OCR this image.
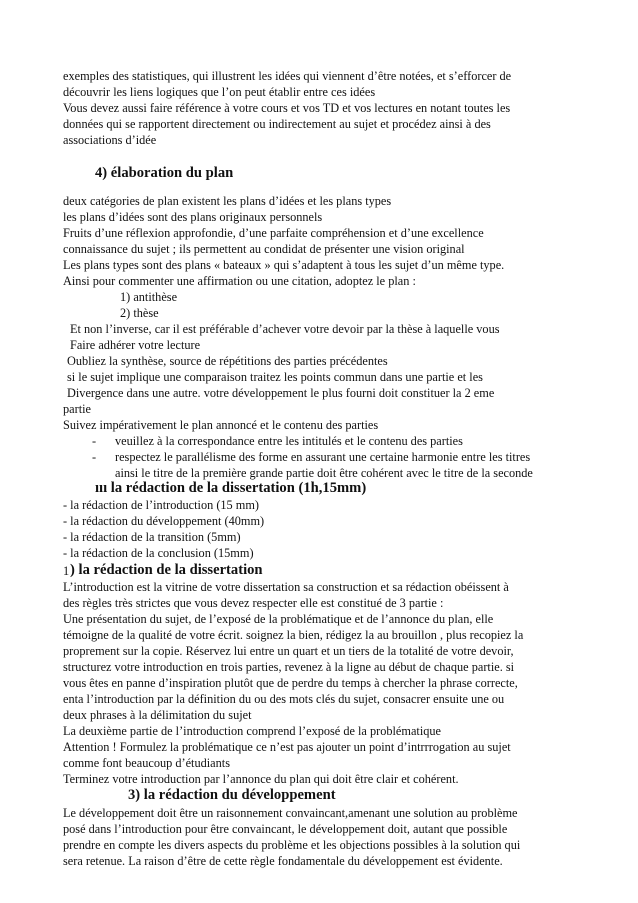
exemples des statistiques, qui illustrent les idées qui viennent d’être notées, et s’efforcer de

découvrir les liens logiques que l’on peut établir entre ces idées

Vous devez aussi faire référence à votre cours et vos TD et vos lectures en notant toutes les

données qui se rapportent directement ou indirectement au sujet et procédez ainsi à des

associations d’idée

4) élaboration du plan

deux catégories de plan existent les plans d’idées et les plans types

les plans d’idées sont des plans originaux personnels

Fruits d’une réflexion approfondie, d’une parfaite compréhension et d’une excellence

connaissance du sujet ; ils permettent au condidat de présenter une vision original

Les plans types sont des plans « bateaux » qui s’adaptent à tous les sujet d’un même type.

Ainsi pour commenter une affirmation ou une citation, adoptez le plan :

1) antithèse

2) thèse

Et non l’inverse, car il est préférable d’achever votre devoir par la thèse à laquelle vous

Faire adhérer votre lecture

Oubliez la synthèse, source de répétitions des parties précédentes

si le sujet implique une comparaison traitez les points commun dans une partie et les

Divergence dans une autre. votre développement le plus fourni doit constituer la 2 eme

partie

Suivez impérativement le plan annoncé et le contenu des parties

-	veuillez à la correspondance entre les intitulés et le contenu des parties

-	respectez le parallélisme des forme en assurant une certaine harmonie entre les titres

ainsi le titre de la première grande partie doit être cohérent avec le titre de la seconde

ııı la rédaction de la dissertation (1h,15mm)

- la rédaction de l’introduction (15 mm)

- la rédaction du développement (40mm)

- la rédaction de la transition (5mm)

- la rédaction de la conclusion (15mm)

1 ) la rédaction de la dissertation

L’introduction est la vitrine de votre dissertation sa construction et sa rédaction obéissent à

des règles très strictes que vous devez respecter elle est constitué de 3 partie :

Une présentation du sujet, de l’exposé de la problématique et de l’annonce du plan, elle

témoigne de la qualité de votre écrit. soignez la bien, rédigez la au brouillon , plus recopiez la

proprement sur la copie. Réservez lui entre un quart et un tiers de la totalité de votre devoir,

structurez votre introduction en trois parties, revenez à la ligne au début de chaque partie. si

vous êtes en panne d’inspiration plutôt que de perdre du temps à chercher la phrase correcte,

enta l’introduction par la définition du ou des mots clés du sujet, consacrer ensuite une ou

deux phrases à la délimitation du sujet

La deuxième partie de l’introduction comprend l’exposé de la problématique

Attention ! Formulez la problématique ce n’est pas ajouter un point d’intrrrogation au sujet

comme font beaucoup d’étudiants

Terminez votre introduction par l’annonce du plan qui doit être clair et cohérent.

3) la rédaction du développement

Le développement doit être un raisonnement convaincant,amenant une solution au problème

posé dans l’introduction pour être convaincant, le développement doit, autant que possible

prendre en compte les divers aspects du problème et les objections possibles à la solution qui

sera retenue. La raison d’être de cette règle fondamentale du développement est évidente.
